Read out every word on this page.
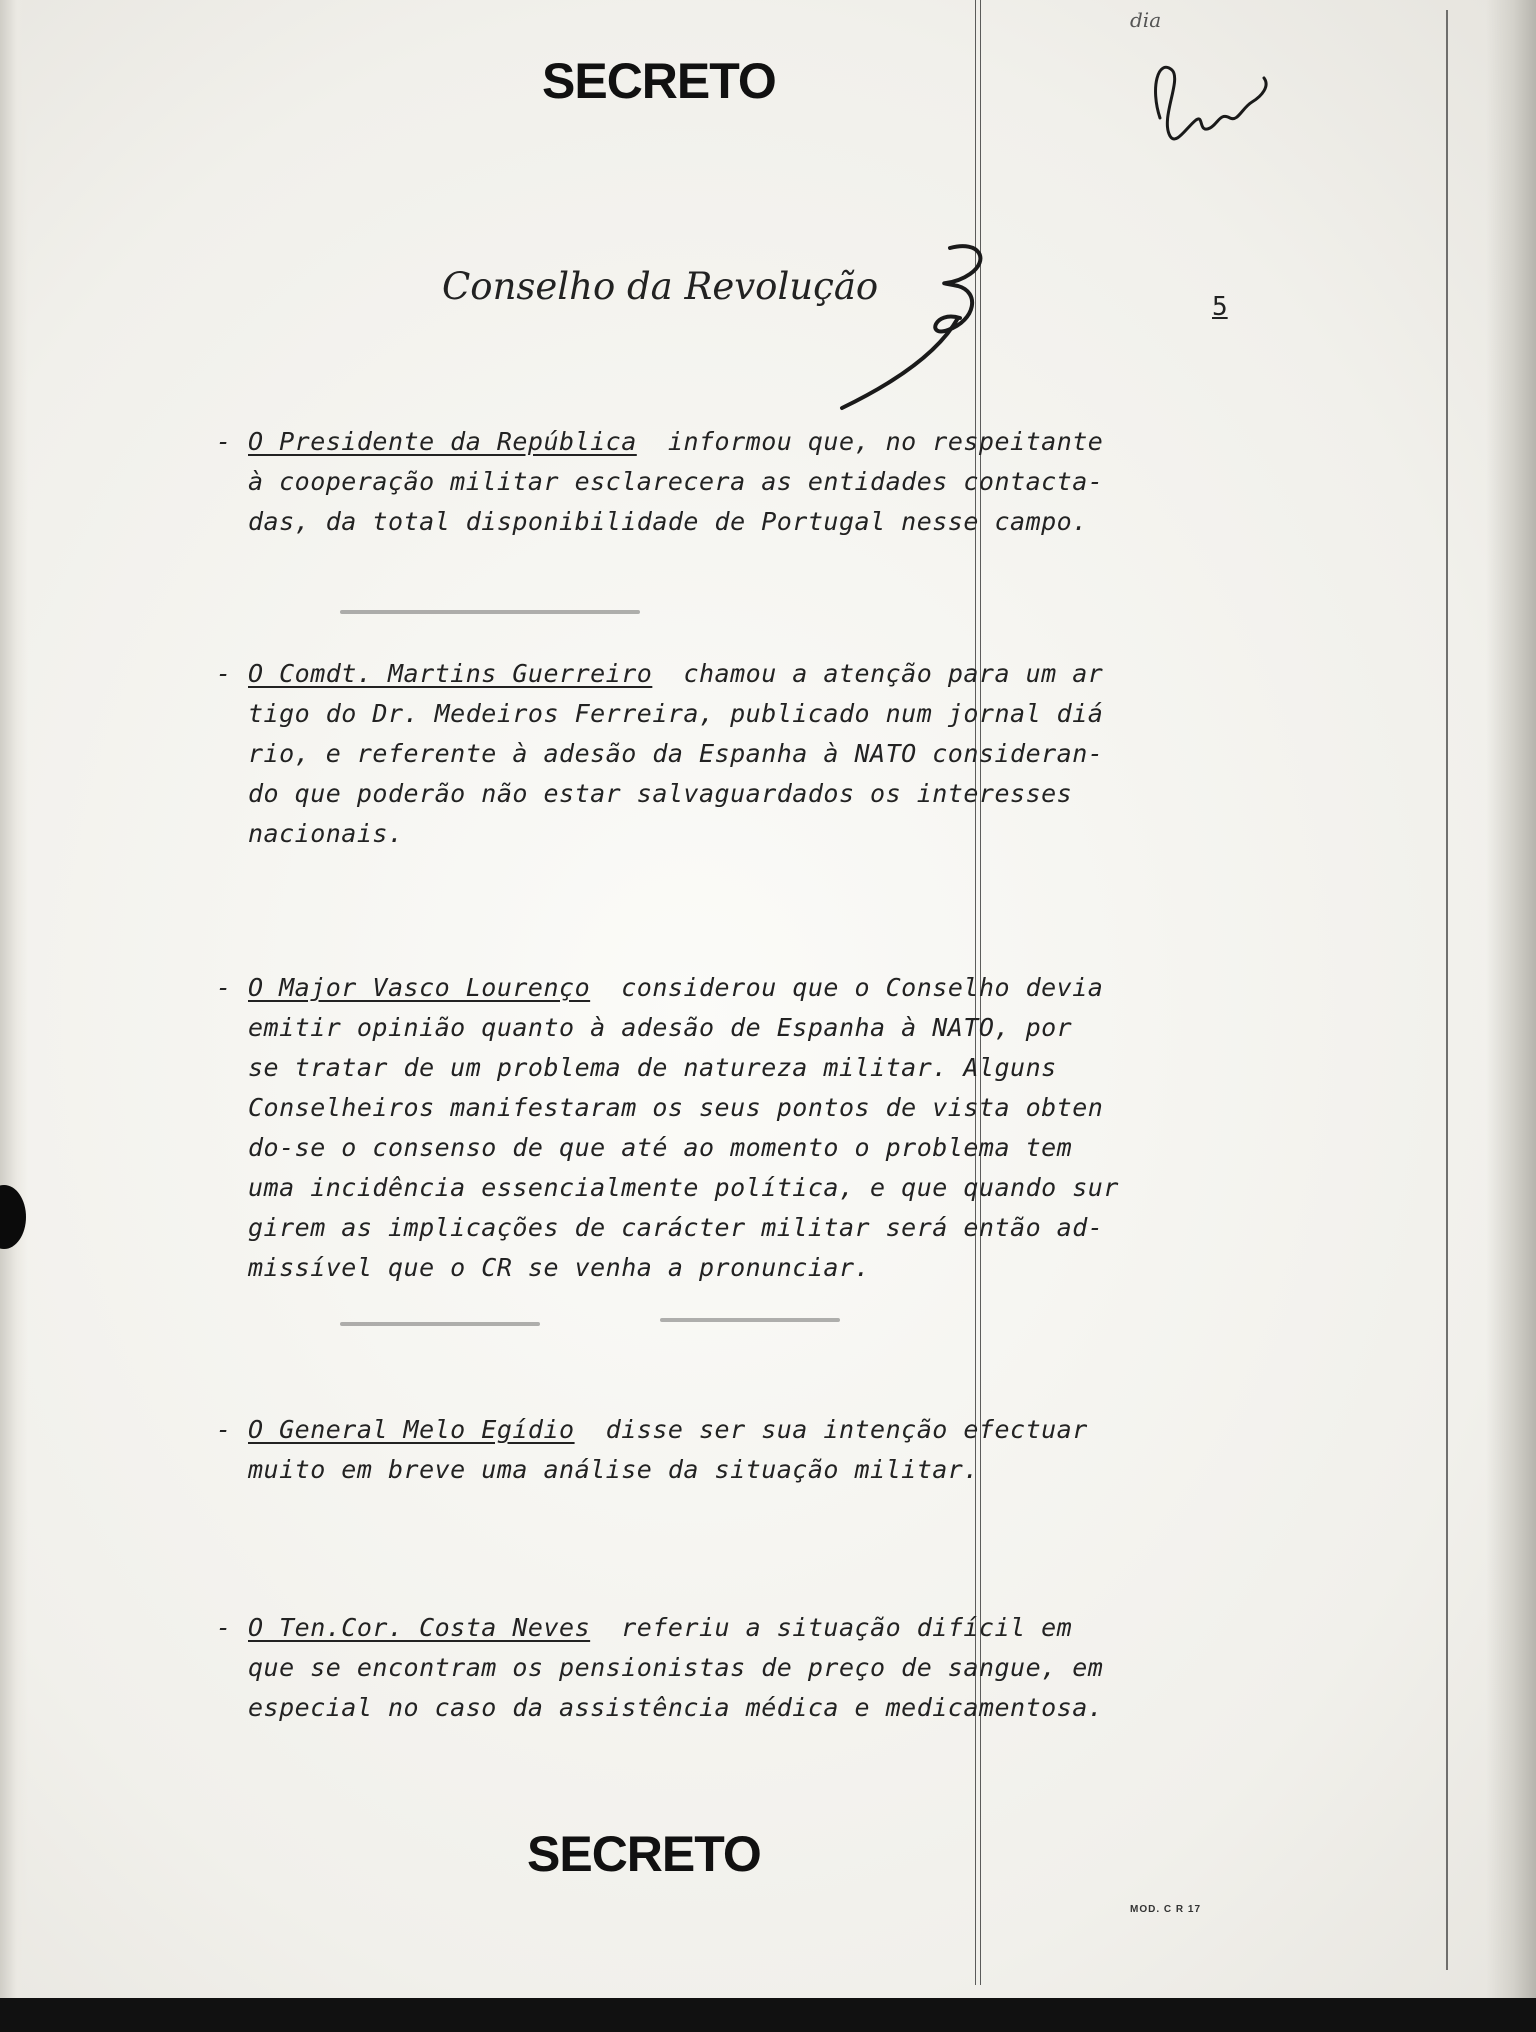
dia
SECRETO
Conselho da Revolução	5
- O Presidente da República informou que, no respeitante
à cooperação militar esclarecera as entidades contacta-
das, da total disponibilidade de Portugal nesse campo.
- O Comdt. Martins Guerreiro chamou a atenção para um ar
tigo do Dr. Medeiros Ferreira, publicado num jornal diá
rio, e referente à adesão da Espanha à NATO consideran-
do que poderão não estar salvaguardados os interesses
nacionais.
- O Major Vasco Lourenço considerou que o Conselho devia
emitir opinião quanto à adesão de Espanha à NATO, por
se tratar de um problema de natureza militar. Alguns
Conselheiros manifestaram os seus pontos de vista obten
do-se o consenso de que até ao momento o problema tem
uma incidência essencialmente política, e que quando sur
girem as implicações de carácter militar será então ad-
missível que o CR se venha a pronunciar.
- O General Melo Egídio disse ser sua intenção efectuar
muito em breve uma análise da situação militar.
- O Ten.Cor. Costa Neves referiu a situação difícil em
que se encontram os pensionistas de preço de sangue, em
especial no caso da assistência médica e medicamentosa.
SECRETO
MOD. C R 17
